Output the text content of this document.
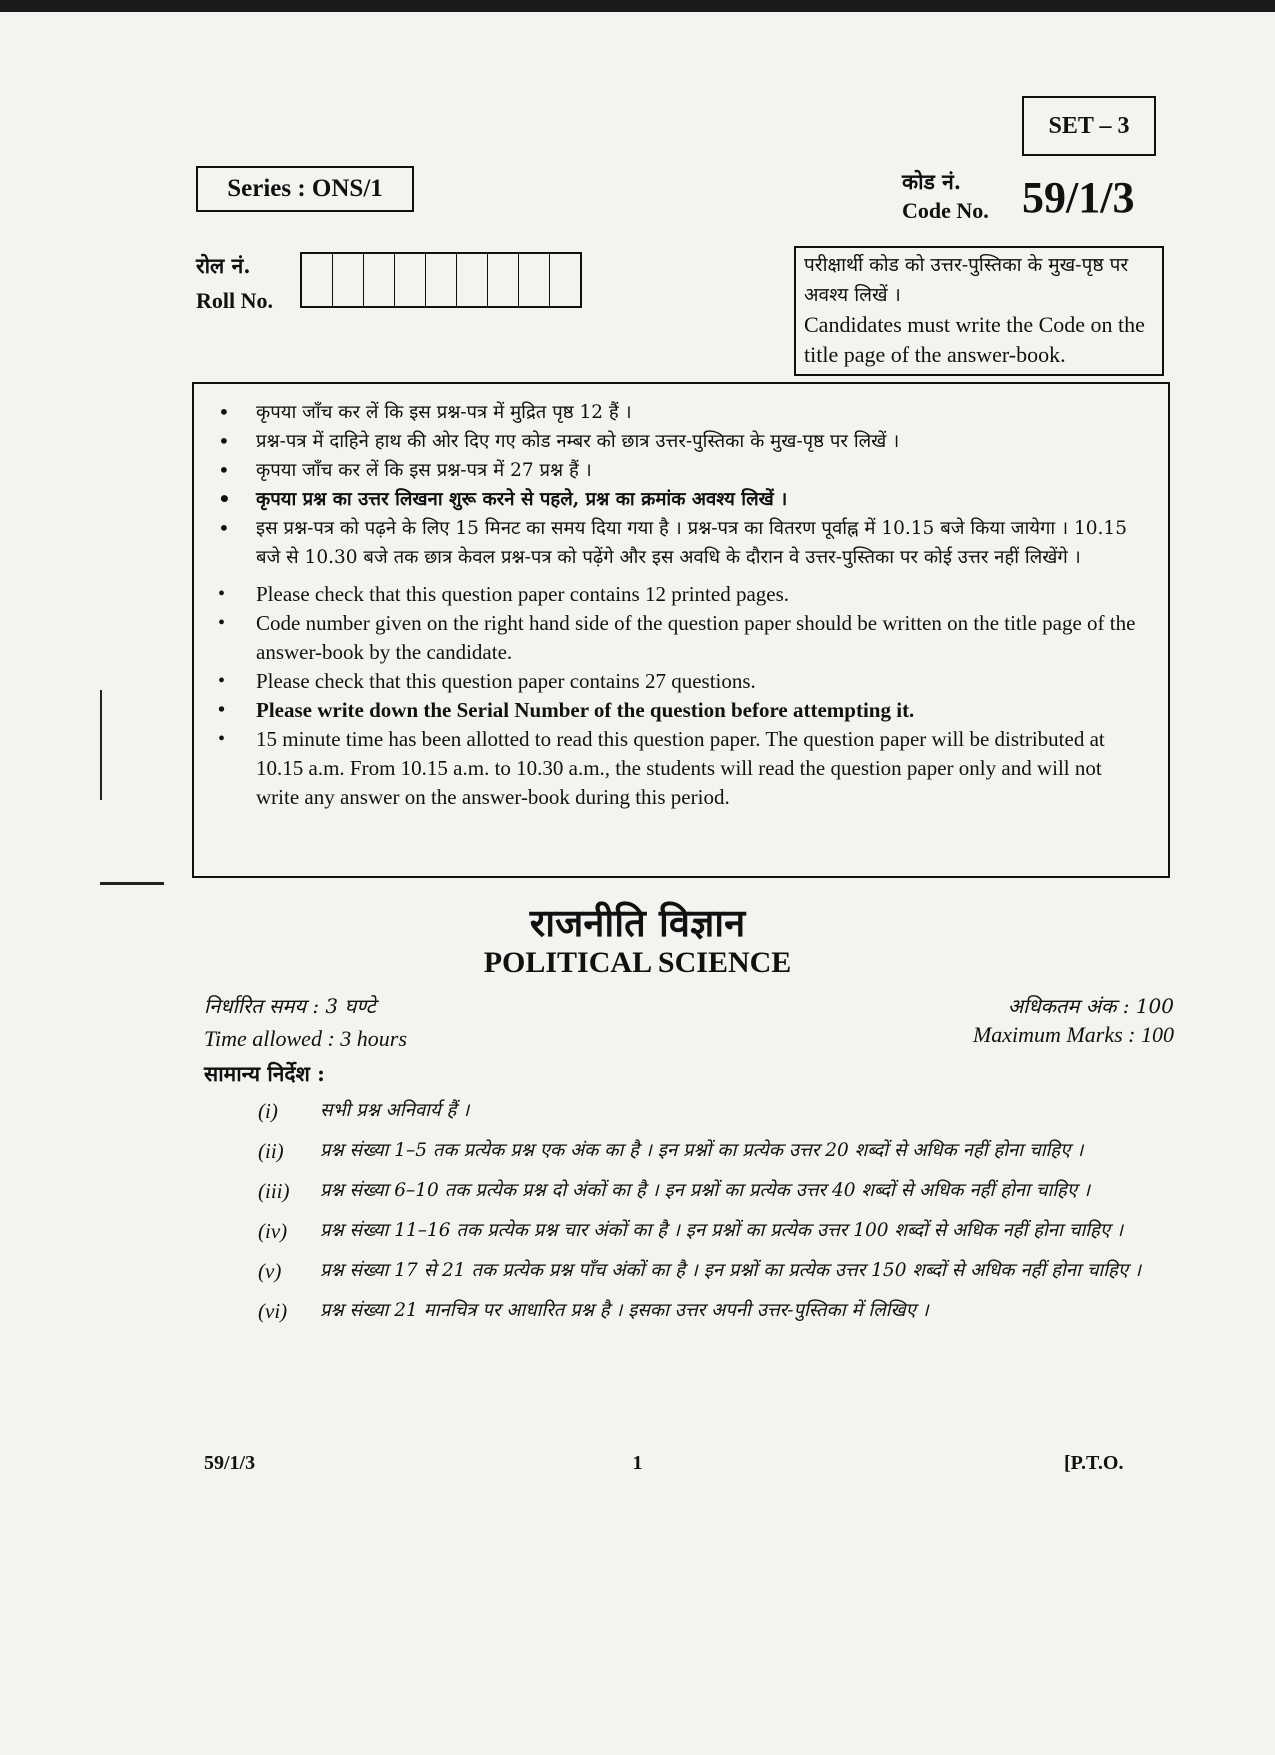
SET – 3
Series : ONS/1	कोड नं.
Code No. 59/1/3
रोल नं.
Roll No.
परीक्षार्थी कोड को उत्तर-पुस्तिका के मुख-पृष्ठ पर अवश्य लिखें ।
Candidates must write the Code on the title page of the answer-book.
• कृपया जाँच कर लें कि इस प्रश्न-पत्र में मुद्रित पृष्ठ 12 हैं ।
• प्रश्न-पत्र में दाहिने हाथ की ओर दिए गए कोड नम्बर को छात्र उत्तर-पुस्तिका के मुख-पृष्ठ पर लिखें ।
• कृपया जाँच कर लें कि इस प्रश्न-पत्र में 27 प्रश्न हैं ।
• कृपया प्रश्न का उत्तर लिखना शुरू करने से पहले, प्रश्न का क्रमांक अवश्य लिखें ।
• इस प्रश्न-पत्र को पढ़ने के लिए 15 मिनट का समय दिया गया है । प्रश्न-पत्र का वितरण पूर्वाह्न में 10.15 बजे किया जायेगा । 10.15 बजे से 10.30 बजे तक छात्र केवल प्रश्न-पत्र को पढ़ेंगे और इस अवधि के दौरान वे उत्तर-पुस्तिका पर कोई उत्तर नहीं लिखेंगे ।
• Please check that this question paper contains 12 printed pages.
• Code number given on the right hand side of the question paper should be written on the title page of the answer-book by the candidate.
• Please check that this question paper contains 27 questions.
• Please write down the Serial Number of the question before attempting it.
• 15 minute time has been allotted to read this question paper. The question paper will be distributed at 10.15 a.m. From 10.15 a.m. to 10.30 a.m., the students will read the question paper only and will not write any answer on the answer-book during this period.
राजनीति विज्ञान
POLITICAL SCIENCE
निर्धारित समय : 3 घण्टे
Time allowed : 3 hours
अधिकतम अंक : 100
Maximum Marks : 100
सामान्य निर्देश :
(i) सभी प्रश्न अनिवार्य हैं ।
(ii) प्रश्न संख्या 1–5 तक प्रत्येक प्रश्न एक अंक का है । इन प्रश्नों का प्रत्येक उत्तर 20 शब्दों से अधिक नहीं होना चाहिए ।
(iii) प्रश्न संख्या 6–10 तक प्रत्येक प्रश्न दो अंकों का है । इन प्रश्नों का प्रत्येक उत्तर 40 शब्दों से अधिक नहीं होना चाहिए ।
(iv) प्रश्न संख्या 11–16 तक प्रत्येक प्रश्न चार अंकों का है । इन प्रश्नों का प्रत्येक उत्तर 100 शब्दों से अधिक नहीं होना चाहिए ।
(v) प्रश्न संख्या 17 से 21 तक प्रत्येक प्रश्न पाँच अंकों का है । इन प्रश्नों का प्रत्येक उत्तर 150 शब्दों से अधिक नहीं होना चाहिए ।
(vi) प्रश्न संख्या 21 मानचित्र पर आधारित प्रश्न है । इसका उत्तर अपनी उत्तर-पुस्तिका में लिखिए ।
59/1/3	1	[P.T.O.
